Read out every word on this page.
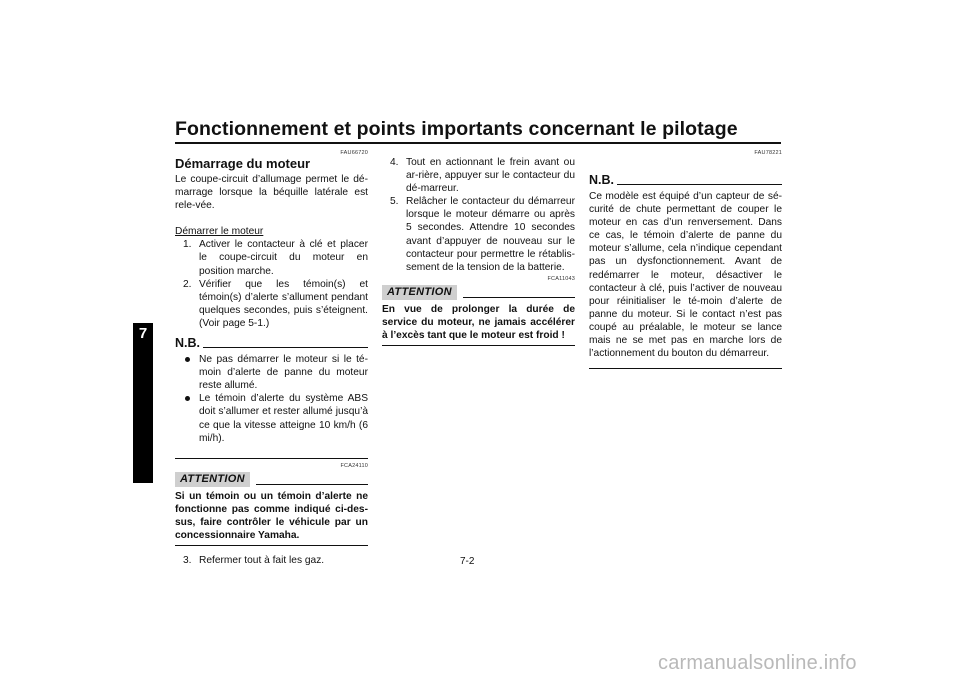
Fonctionnement et points importants concernant le pilotage
7
FAU66720
Démarrage du moteur
Le coupe-circuit d’allumage permet le dé-marrage lorsque la béquille latérale est rele-vée.
Démarrer le moteur
1. Activer le contacteur à clé et placer le coupe-circuit du moteur en position marche.
2. Vérifier que les témoin(s) et témoin(s) d’alerte s’allument pendant quelques secondes, puis s’éteignent. (Voir page 5-1.)
N.B.
Ne pas démarrer le moteur si le té-moin d’alerte de panne du moteur reste allumé.
Le témoin d’alerte du système ABS doit s’allumer et rester allumé jusqu’à ce que la vitesse atteigne 10 km/h (6 mi/h).
FCA24110
ATTENTION
Si un témoin ou un témoin d’alerte ne fonctionne pas comme indiqué ci-des-sus, faire contrôler le véhicule par un concessionnaire Yamaha.
3. Refermer tout à fait les gaz.
4. Tout en actionnant le frein avant ou ar-rière, appuyer sur le contacteur du dé-marreur.
5. Relâcher le contacteur du démarreur lorsque le moteur démarre ou après 5 secondes. Attendre 10 secondes avant d’appuyer de nouveau sur le contacteur pour permettre le rétablis-sement de la tension de la batterie.
FCA11043
ATTENTION
En vue de prolonger la durée de service du moteur, ne jamais accélérer à l’excès tant que le moteur est froid !
FAU78221
N.B.
Ce modèle est équipé d’un capteur de sé-curité de chute permettant de couper le moteur en cas d’un renversement. Dans ce cas, le témoin d’alerte de panne du moteur s’allume, cela n’indique cependant pas un dysfonctionnement. Avant de redémarrer le moteur, désactiver le contacteur à clé, puis l’activer de nouveau pour réinitialiser le té-moin d’alerte de panne du moteur. Si le contact n’est pas coupé au préalable, le moteur se lance mais ne se met pas en marche lors de l’actionnement du bouton du démarreur.
7-2
carmanualsonline.info
